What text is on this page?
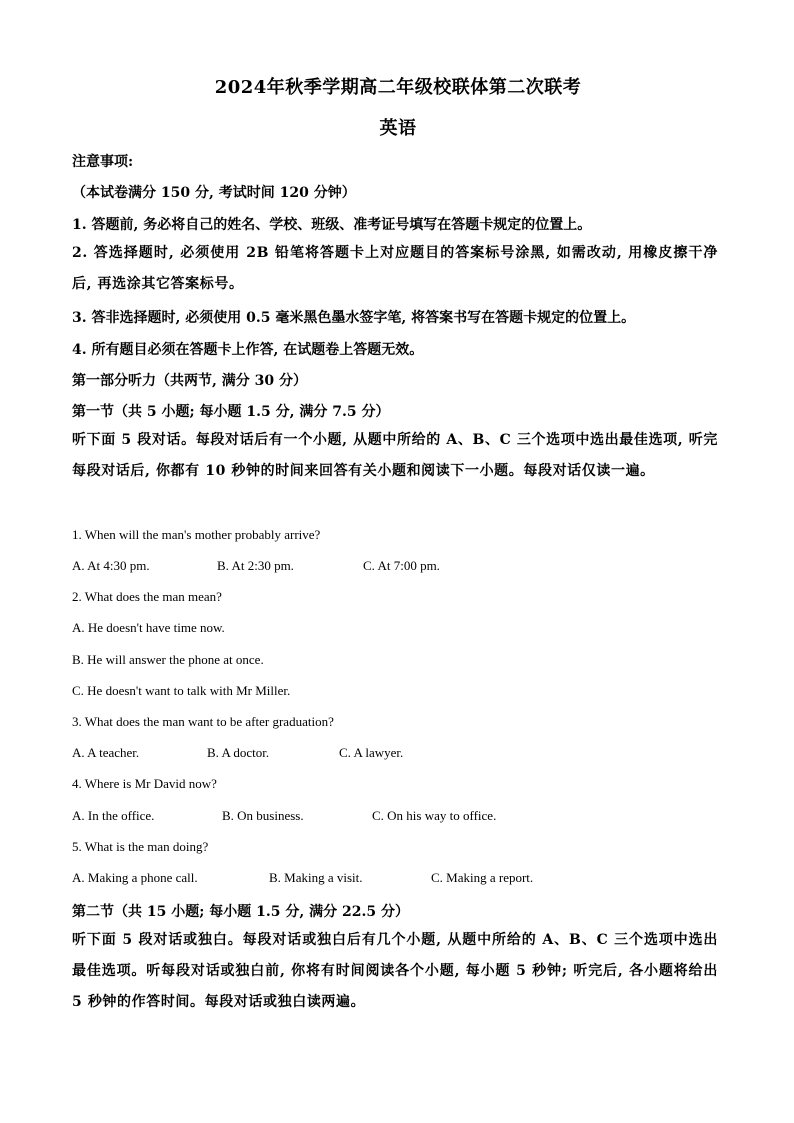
2024年秋季学期高二年级校联体第二次联考
英语
注意事项:
（本试卷满分 150 分, 考试时间 120 分钟）
1. 答题前, 务必将自己的姓名、学校、班级、准考证号填写在答题卡规定的位置上。
2. 答选择题时, 必须使用 2B 铅笔将答题卡上对应题目的答案标号涂黑, 如需改动, 用橡皮擦干净后, 再选涂其它答案标号。
3. 答非选择题时, 必须使用 0.5 毫米黑色墨水签字笔, 将答案书写在答题卡规定的位置上。
4. 所有题目必须在答题卡上作答, 在试题卷上答题无效。
第一部分听力（共两节, 满分 30 分）
第一节（共 5 小题; 每小题 1.5 分, 满分 7.5 分）
听下面 5 段对话。每段对话后有一个小题, 从题中所给的 A、B、C 三个选项中选出最佳选项, 听完每段对话后, 你都有 10 秒钟的时间来回答有关小题和阅读下一小题。每段对话仅读一遍。
1. When will the man's mother probably arrive?
A. At 4:30 pm.	B. At 2:30 pm.	C. At 7:00 pm.
2. What does the man mean?
A. He doesn't have time now.
B. He will answer the phone at once.
C. He doesn't want to talk with Mr Miller.
3. What does the man want to be after graduation?
A. A teacher.	B. A doctor.	C. A lawyer.
4. Where is Mr David now?
A. In the office.	B. On business.	C. On his way to office.
5. What is the man doing?
A. Making a phone call.	B. Making a visit.	C. Making a report.
第二节（共 15 小题; 每小题 1.5 分, 满分 22.5 分）
听下面 5 段对话或独白。每段对话或独白后有几个小题, 从题中所给的 A、B、C 三个选项中选出最佳选项。听每段对话或独白前, 你将有时间阅读各个小题, 每小题 5 秒钟; 听完后, 各小题将给出 5 秒钟的作答时间。每段对话或独白读两遍。
